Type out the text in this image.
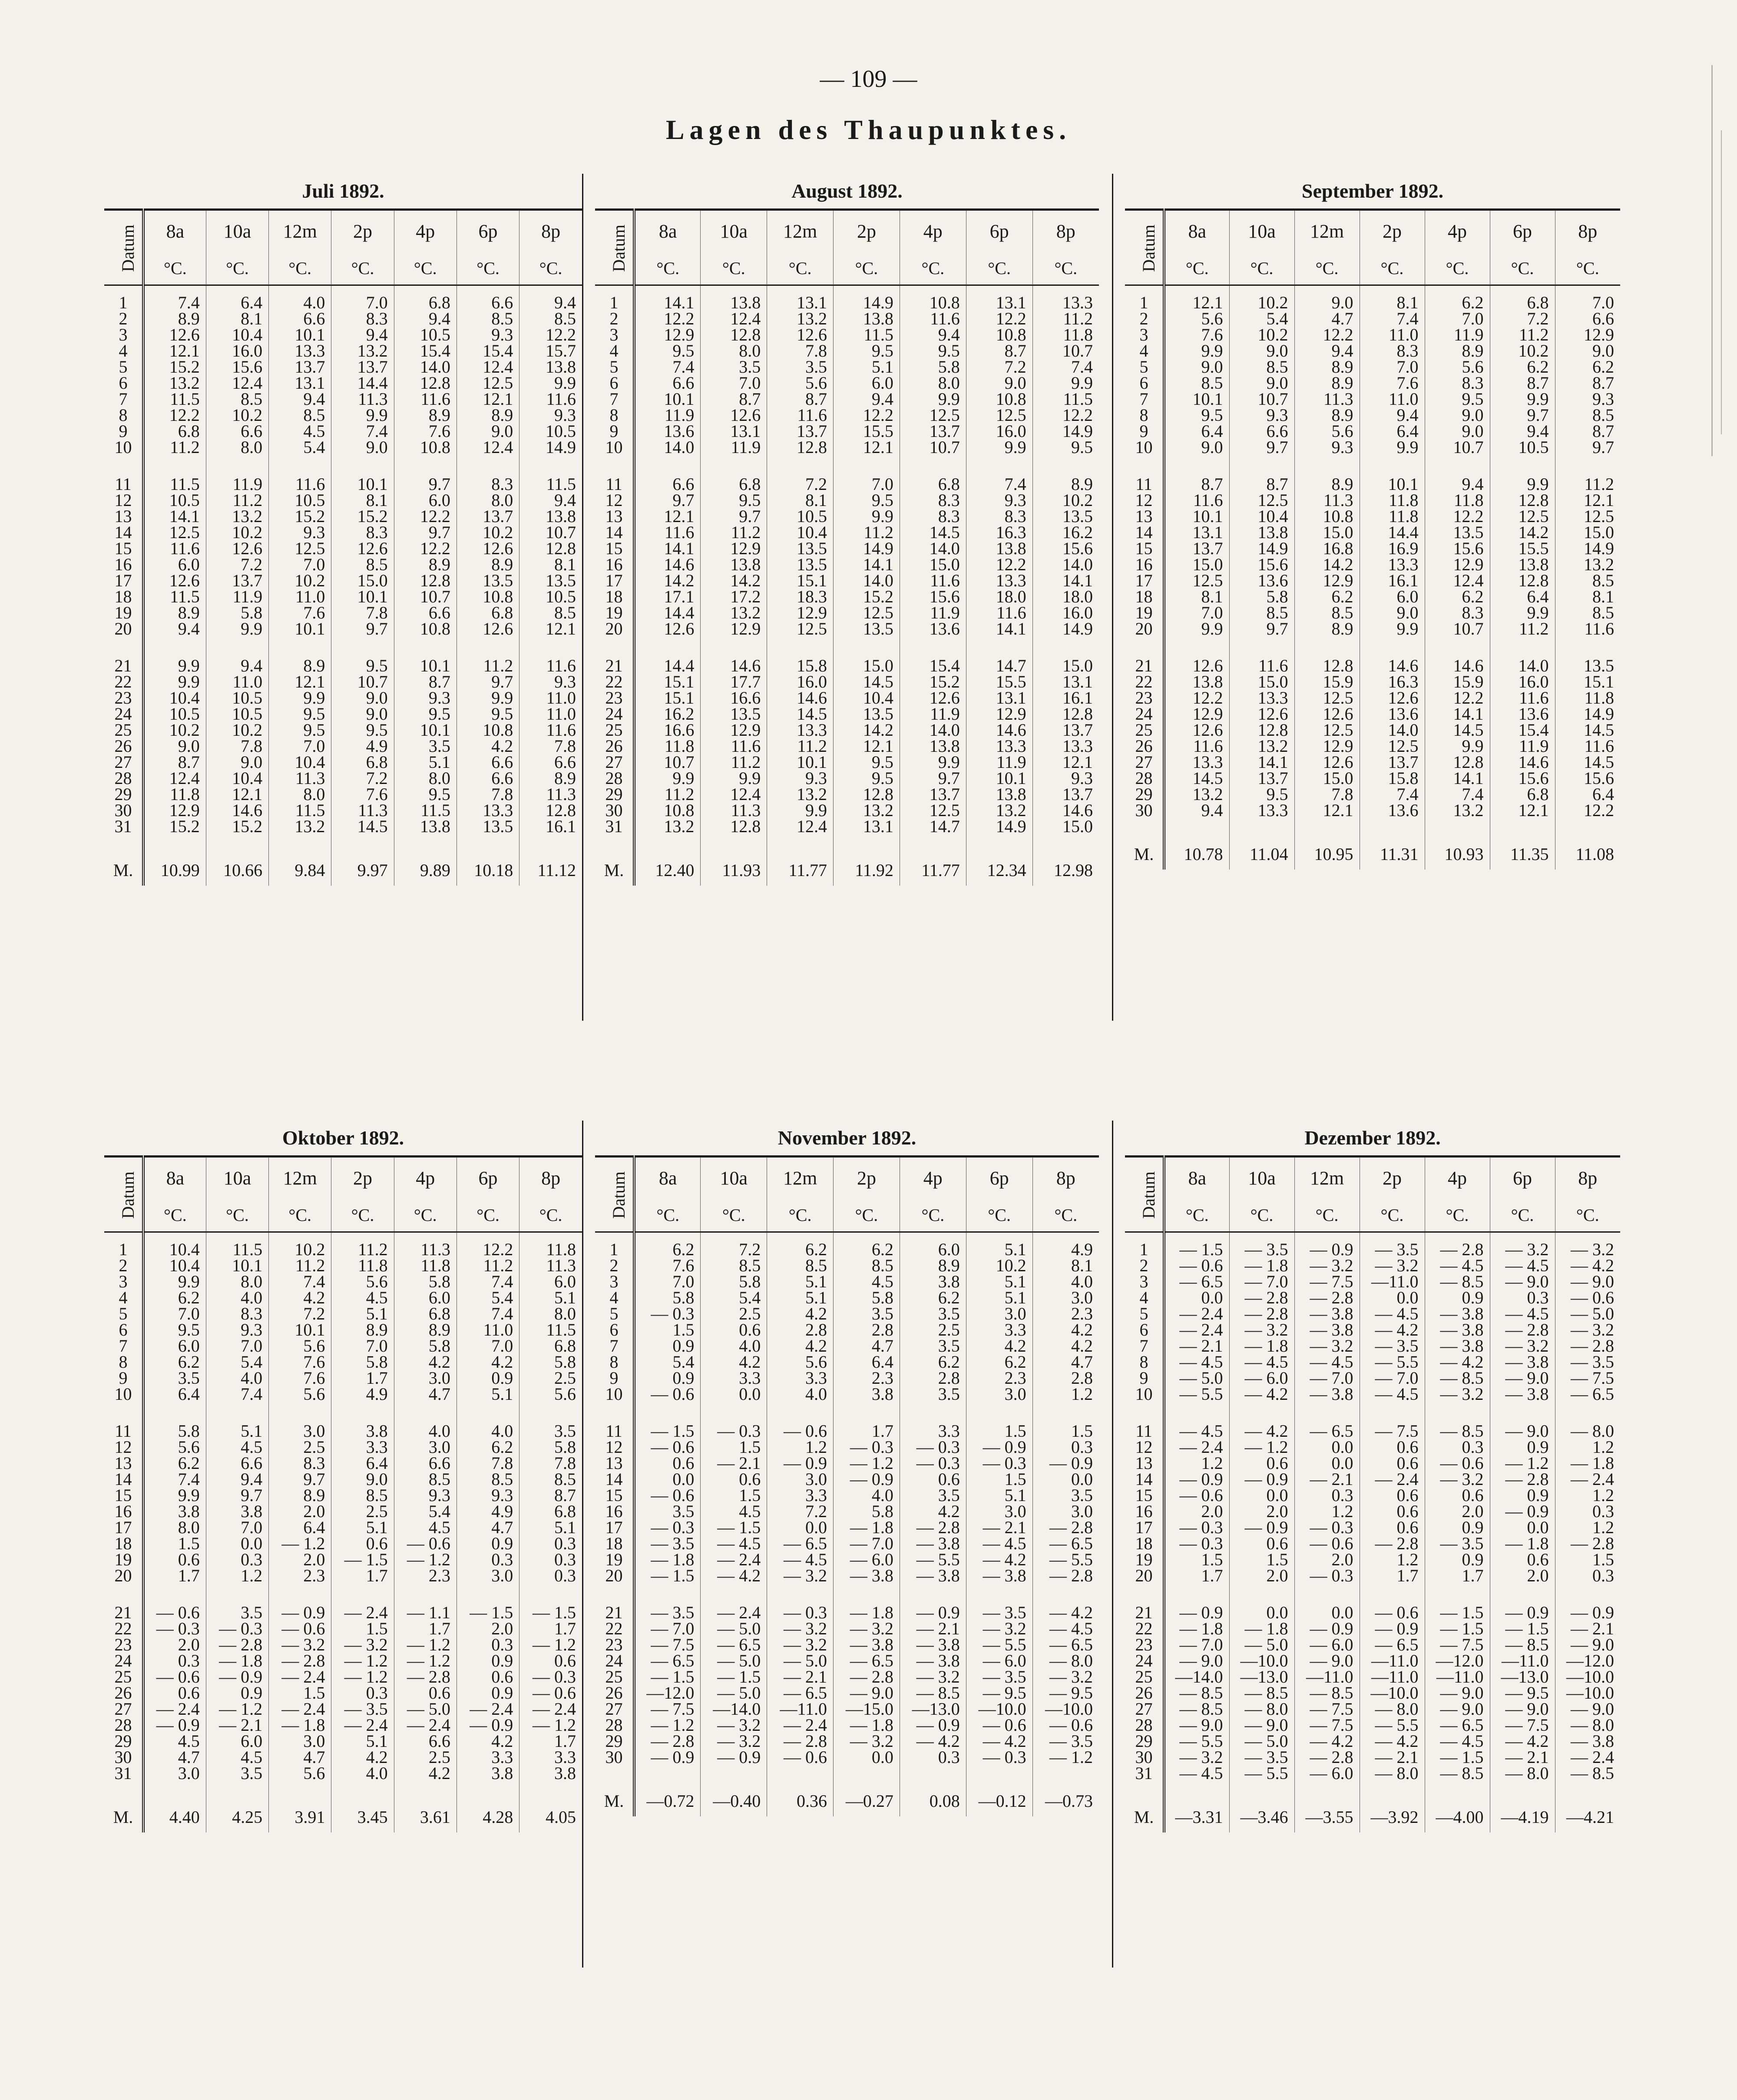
— 109 —
Lagen des Thaupunktes.
Juli 1892.
Datum	8a	10a	12m	2p	4p	6p	8p
	°C.	°C.	°C.	°C.	°C.	°C.	°C.
1	7.4	6.4	4.0	7.0	6.8	6.6	9.4
2	8.9	8.1	6.6	8.3	9.4	8.5	8.5
3	12.6	10.4	10.1	9.4	10.5	9.3	12.2
4	12.1	16.0	13.3	13.2	15.4	15.4	15.7
5	15.2	15.6	13.7	13.7	14.0	12.4	13.8
6	13.2	12.4	13.1	14.4	12.8	12.5	9.9
7	11.5	8.5	9.4	11.3	11.6	12.1	11.6
8	12.2	10.2	8.5	9.9	8.9	8.9	9.3
9	6.8	6.6	4.5	7.4	7.6	9.0	10.5
10	11.2	8.0	5.4	9.0	10.8	12.4	14.9

11	11.5	11.9	11.6	10.1	9.7	8.3	11.5
12	10.5	11.2	10.5	8.1	6.0	8.0	9.4
13	14.1	13.2	15.2	15.2	12.2	13.7	13.8
14	12.5	10.2	9.3	8.3	9.7	10.2	10.7
15	11.6	12.6	12.5	12.6	12.2	12.6	12.8
16	6.0	7.2	7.0	8.5	8.9	8.9	8.1
17	12.6	13.7	10.2	15.0	12.8	13.5	13.5
18	11.5	11.9	11.0	10.1	10.7	10.8	10.5
19	8.9	5.8	7.6	7.8	6.6	6.8	8.5
20	9.4	9.9	10.1	9.7	10.8	12.6	12.1

21	9.9	9.4	8.9	9.5	10.1	11.2	11.6
22	9.9	11.0	12.1	10.7	8.7	9.7	9.3
23	10.4	10.5	9.9	9.0	9.3	9.9	11.0
24	10.5	10.5	9.5	9.0	9.5	9.5	11.0
25	10.2	10.2	9.5	9.5	10.1	10.8	11.6
26	9.0	7.8	7.0	4.9	3.5	4.2	7.8
27	8.7	9.0	10.4	6.8	5.1	6.6	6.6
28	12.4	10.4	11.3	7.2	8.0	6.6	8.9
29	11.8	12.1	8.0	7.6	9.5	7.8	11.3
30	12.9	14.6	11.5	11.3	11.5	13.3	12.8
31	15.2	15.2	13.2	14.5	13.8	13.5	16.1

M.	10.99	10.66	9.84	9.97	9.89	10.18	11.12
August 1892.
Datum	8a	10a	12m	2p	4p	6p	8p
	°C.	°C.	°C.	°C.	°C.	°C.	°C.
1	14.1	13.8	13.1	14.9	10.8	13.1	13.3
2	12.2	12.4	13.2	13.8	11.6	12.2	11.2
3	12.9	12.8	12.6	11.5	9.4	10.8	11.8
4	9.5	8.0	7.8	9.5	9.5	8.7	10.7
5	7.4	3.5	3.5	5.1	5.8	7.2	7.4
6	6.6	7.0	5.6	6.0	8.0	9.0	9.9
7	10.1	8.7	8.7	9.4	9.9	10.8	11.5
8	11.9	12.6	11.6	12.2	12.5	12.5	12.2
9	13.6	13.1	13.7	15.5	13.7	16.0	14.9
10	14.0	11.9	12.8	12.1	10.7	9.9	9.5

11	6.6	6.8	7.2	7.0	6.8	7.4	8.9
12	9.7	9.5	8.1	9.5	8.3	9.3	10.2
13	12.1	9.7	10.5	9.9	8.3	8.3	13.5
14	11.6	11.2	10.4	11.2	14.5	16.3	16.2
15	14.1	12.9	13.5	14.9	14.0	13.8	15.6
16	14.6	13.8	13.5	14.1	15.0	12.2	14.0
17	14.2	14.2	15.1	14.0	11.6	13.3	14.1
18	17.1	17.2	18.3	15.2	15.6	18.0	18.0
19	14.4	13.2	12.9	12.5	11.9	11.6	16.0
20	12.6	12.9	12.5	13.5	13.6	14.1	14.9

21	14.4	14.6	15.8	15.0	15.4	14.7	15.0
22	15.1	17.7	16.0	14.5	15.2	15.5	13.1
23	15.1	16.6	14.6	10.4	12.6	13.1	16.1
24	16.2	13.5	14.5	13.5	11.9	12.9	12.8
25	16.6	12.9	13.3	14.2	14.0	14.6	13.7
26	11.8	11.6	11.2	12.1	13.8	13.3	13.3
27	10.7	11.2	10.1	9.5	9.9	11.9	12.1
28	9.9	9.9	9.3	9.5	9.7	10.1	9.3
29	11.2	12.4	13.2	12.8	13.7	13.8	13.7
30	10.8	11.3	9.9	13.2	12.5	13.2	14.6
31	13.2	12.8	12.4	13.1	14.7	14.9	15.0

M.	12.40	11.93	11.77	11.92	11.77	12.34	12.98
September 1892.
Datum	8a	10a	12m	2p	4p	6p	8p
	°C.	°C.	°C.	°C.	°C.	°C.	°C.
1	12.1	10.2	9.0	8.1	6.2	6.8	7.0
2	5.6	5.4	4.7	7.4	7.0	7.2	6.6
3	7.6	10.2	12.2	11.0	11.9	11.2	12.9
4	9.9	9.0	9.4	8.3	8.9	10.2	9.0
5	9.0	8.5	8.9	7.0	5.6	6.2	6.2
6	8.5	9.0	8.9	7.6	8.3	8.7	8.7
7	10.1	10.7	11.3	11.0	9.5	9.9	9.3
8	9.5	9.3	8.9	9.4	9.0	9.7	8.5
9	6.4	6.6	5.6	6.4	9.0	9.4	8.7
10	9.0	9.7	9.3	9.9	10.7	10.5	9.7

11	8.7	8.7	8.9	10.1	9.4	9.9	11.2
12	11.6	12.5	11.3	11.8	11.8	12.8	12.1
13	10.1	10.4	10.8	11.8	12.2	12.5	12.5
14	13.1	13.8	15.0	14.4	13.5	14.2	15.0
15	13.7	14.9	16.8	16.9	15.6	15.5	14.9
16	15.0	15.6	14.2	13.3	12.9	13.8	13.2
17	12.5	13.6	12.9	16.1	12.4	12.8	8.5
18	8.1	5.8	6.2	6.0	6.2	6.4	8.1
19	7.0	8.5	8.5	9.0	8.3	9.9	8.5
20	9.9	9.7	8.9	9.9	10.7	11.2	11.6

21	12.6	11.6	12.8	14.6	14.6	14.0	13.5
22	13.8	15.0	15.9	16.3	15.9	16.0	15.1
23	12.2	13.3	12.5	12.6	12.2	11.6	11.8
24	12.9	12.6	12.6	13.6	14.1	13.6	14.9
25	12.6	12.8	12.5	14.0	14.5	15.4	14.5
26	11.6	13.2	12.9	12.5	9.9	11.9	11.6
27	13.3	14.1	12.6	13.7	12.8	14.6	14.5
28	14.5	13.7	15.0	15.8	14.1	15.6	15.6
29	13.2	9.5	7.8	7.4	7.4	6.8	6.4
30	9.4	13.3	12.1	13.6	13.2	12.1	12.2

M.	10.78	11.04	10.95	11.31	10.93	11.35	11.08
Oktober 1892.
Datum	8a	10a	12m	2p	4p	6p	8p
	°C.	°C.	°C.	°C.	°C.	°C.	°C.
1	10.4	11.5	10.2	11.2	11.3	12.2	11.8
2	10.4	10.1	11.2	11.8	11.8	11.2	11.3
3	9.9	8.0	7.4	5.6	5.8	7.4	6.0
4	6.2	4.0	4.2	4.5	6.0	5.4	5.1
5	7.0	8.3	7.2	5.1	6.8	7.4	8.0
6	9.5	9.3	10.1	8.9	8.9	11.0	11.5
7	6.0	7.0	5.6	7.0	5.8	7.0	6.8
8	6.2	5.4	7.6	5.8	4.2	4.2	5.8
9	3.5	4.0	7.6	1.7	3.0	0.9	2.5
10	6.4	7.4	5.6	4.9	4.7	5.1	5.6

11	5.8	5.1	3.0	3.8	4.0	4.0	3.5
12	5.6	4.5	2.5	3.3	3.0	6.2	5.8
13	6.2	6.6	8.3	6.4	6.6	7.8	7.8
14	7.4	9.4	9.7	9.0	8.5	8.5	8.5
15	9.9	9.7	8.9	8.5	9.3	9.3	8.7
16	3.8	3.8	2.0	2.5	5.4	4.9	6.8
17	8.0	7.0	6.4	5.1	4.5	4.7	5.1
18	1.5	0.0	— 1.2	0.6	— 0.6	0.9	0.3
19	0.6	0.3	2.0	— 1.5	— 1.2	0.3	0.3
20	1.7	1.2	2.3	1.7	2.3	3.0	0.3

21	— 0.6	3.5	— 0.9	— 2.4	— 1.1	— 1.5	— 1.5
22	— 0.3	— 0.3	— 0.6	1.5	1.7	2.0	1.7
23	2.0	— 2.8	— 3.2	— 3.2	— 1.2	0.3	— 1.2
24	0.3	— 1.8	— 2.8	— 1.2	— 1.2	0.9	0.6
25	— 0.6	— 0.9	— 2.4	— 1.2	— 2.8	0.6	— 0.3
26	0.6	0.9	1.5	0.3	0.6	0.9	— 0.6
27	— 2.4	— 1.2	— 2.4	— 3.5	— 5.0	— 2.4	— 2.4
28	— 0.9	— 2.1	— 1.8	— 2.4	— 2.4	— 0.9	— 1.2
29	4.5	6.0	3.0	5.1	6.6	4.2	1.7
30	4.7	4.5	4.7	4.2	2.5	3.3	3.3
31	3.0	3.5	5.6	4.0	4.2	3.8	3.8

M.	4.40	4.25	3.91	3.45	3.61	4.28	4.05
November 1892.
Datum	8a	10a	12m	2p	4p	6p	8p
	°C.	°C.	°C.	°C.	°C.	°C.	°C.
1	6.2	7.2	6.2	6.2	6.0	5.1	4.9
2	7.6	8.5	8.5	8.5	8.9	10.2	8.1
3	7.0	5.8	5.1	4.5	3.8	5.1	4.0
4	5.8	5.4	5.1	5.8	6.2	5.1	3.0
5	— 0.3	2.5	4.2	3.5	3.5	3.0	2.3
6	1.5	0.6	2.8	2.8	2.5	3.3	4.2
7	0.9	4.0	4.2	4.7	3.5	4.2	4.2
8	5.4	4.2	5.6	6.4	6.2	6.2	4.7
9	0.9	3.3	3.3	2.3	2.8	2.3	2.8
10	— 0.6	0.0	4.0	3.8	3.5	3.0	1.2

11	— 1.5	— 0.3	— 0.6	1.7	3.3	1.5	1.5
12	— 0.6	1.5	1.2	— 0.3	— 0.3	— 0.9	0.3
13	0.6	— 2.1	— 0.9	— 1.2	— 0.3	— 0.3	— 0.9
14	0.0	0.6	3.0	— 0.9	0.6	1.5	0.0
15	— 0.6	1.5	3.3	4.0	3.5	5.1	3.5
16	3.5	4.5	7.2	5.8	4.2	3.0	3.0
17	— 0.3	— 1.5	0.0	— 1.8	— 2.8	— 2.1	— 2.8
18	— 3.5	— 4.5	— 6.5	— 7.0	— 3.8	— 4.5	— 6.5
19	— 1.8	— 2.4	— 4.5	— 6.0	— 5.5	— 4.2	— 5.5
20	— 1.5	— 4.2	— 3.2	— 3.8	— 3.8	— 3.8	— 2.8

21	— 3.5	— 2.4	— 0.3	— 1.8	— 0.9	— 3.5	— 4.2
22	— 7.0	— 5.0	— 3.2	— 3.2	— 2.1	— 3.2	— 4.5
23	— 7.5	— 6.5	— 3.2	— 3.8	— 3.8	— 5.5	— 6.5
24	— 6.5	— 5.0	— 5.0	— 6.5	— 3.8	— 6.0	— 8.0
25	— 1.5	— 1.5	— 2.1	— 2.8	— 3.2	— 3.5	— 3.2
26	—12.0	— 5.0	— 6.5	— 9.0	— 8.5	— 9.5	— 9.5
27	— 7.5	—14.0	—11.0	—15.0	—13.0	—10.0	—10.0
28	— 1.2	— 3.2	— 2.4	— 1.8	— 0.9	— 0.6	— 0.6
29	— 2.8	— 3.2	— 2.8	— 3.2	— 4.2	— 4.2	— 3.5
30	— 0.9	— 0.9	— 0.6	0.0	0.3	— 0.3	— 1.2

M.	—0.72	—0.40	0.36	—0.27	0.08	—0.12	—0.73
Dezember 1892.
Datum	8a	10a	12m	2p	4p	6p	8p
	°C.	°C.	°C.	°C.	°C.	°C.	°C.
1	— 1.5	— 3.5	— 0.9	— 3.5	— 2.8	— 3.2	— 3.2
2	— 0.6	— 1.8	— 3.2	— 3.2	— 4.5	— 4.5	— 4.2
3	— 6.5	— 7.0	— 7.5	—11.0	— 8.5	— 9.0	— 9.0
4	0.0	— 2.8	— 2.8	0.0	0.9	0.3	— 0.6
5	— 2.4	— 2.8	— 3.8	— 4.5	— 3.8	— 4.5	— 5.0
6	— 2.4	— 3.2	— 3.8	— 4.2	— 3.8	— 2.8	— 3.2
7	— 2.1	— 1.8	— 3.2	— 3.5	— 3.8	— 3.2	— 2.8
8	— 4.5	— 4.5	— 4.5	— 5.5	— 4.2	— 3.8	— 3.5
9	— 5.0	— 6.0	— 7.0	— 7.0	— 8.5	— 9.0	— 7.5
10	— 5.5	— 4.2	— 3.8	— 4.5	— 3.2	— 3.8	— 6.5

11	— 4.5	— 4.2	— 6.5	— 7.5	— 8.5	— 9.0	— 8.0
12	— 2.4	— 1.2	0.0	0.6	0.3	0.9	1.2
13	1.2	0.6	0.0	0.6	— 0.6	— 1.2	— 1.8
14	— 0.9	— 0.9	— 2.1	— 2.4	— 3.2	— 2.8	— 2.4
15	— 0.6	0.0	0.3	0.6	0.6	0.9	1.2
16	2.0	2.0	1.2	0.6	2.0	— 0.9	0.3
17	— 0.3	— 0.9	— 0.3	0.6	0.9	0.0	1.2
18	— 0.3	0.6	— 0.6	— 2.8	— 3.5	— 1.8	— 2.8
19	1.5	1.5	2.0	1.2	0.9	0.6	1.5
20	1.7	2.0	— 0.3	1.7	1.7	2.0	0.3

21	— 0.9	0.0	0.0	— 0.6	— 1.5	— 0.9	— 0.9
22	— 1.8	— 1.8	— 0.9	— 0.9	— 1.5	— 1.5	— 2.1
23	— 7.0	— 5.0	— 6.0	— 6.5	— 7.5	— 8.5	— 9.0
24	— 9.0	—10.0	— 9.0	—11.0	—12.0	—11.0	—12.0
25	—14.0	—13.0	—11.0	—11.0	—11.0	—13.0	—10.0
26	— 8.5	— 8.5	— 8.5	—10.0	— 9.0	— 9.5	—10.0
27	— 8.5	— 8.0	— 7.5	— 8.0	— 9.0	— 9.0	— 9.0
28	— 9.0	— 9.0	— 7.5	— 5.5	— 6.5	— 7.5	— 8.0
29	— 5.5	— 5.0	— 4.2	— 4.2	— 4.5	— 4.2	— 3.8
30	— 3.2	— 3.5	— 2.8	— 2.1	— 1.5	— 2.1	— 2.4
31	— 4.5	— 5.5	— 6.0	— 8.0	— 8.5	— 8.0	— 8.5

M.	—3.31	—3.46	—3.55	—3.92	—4.00	—4.19	—4.21
